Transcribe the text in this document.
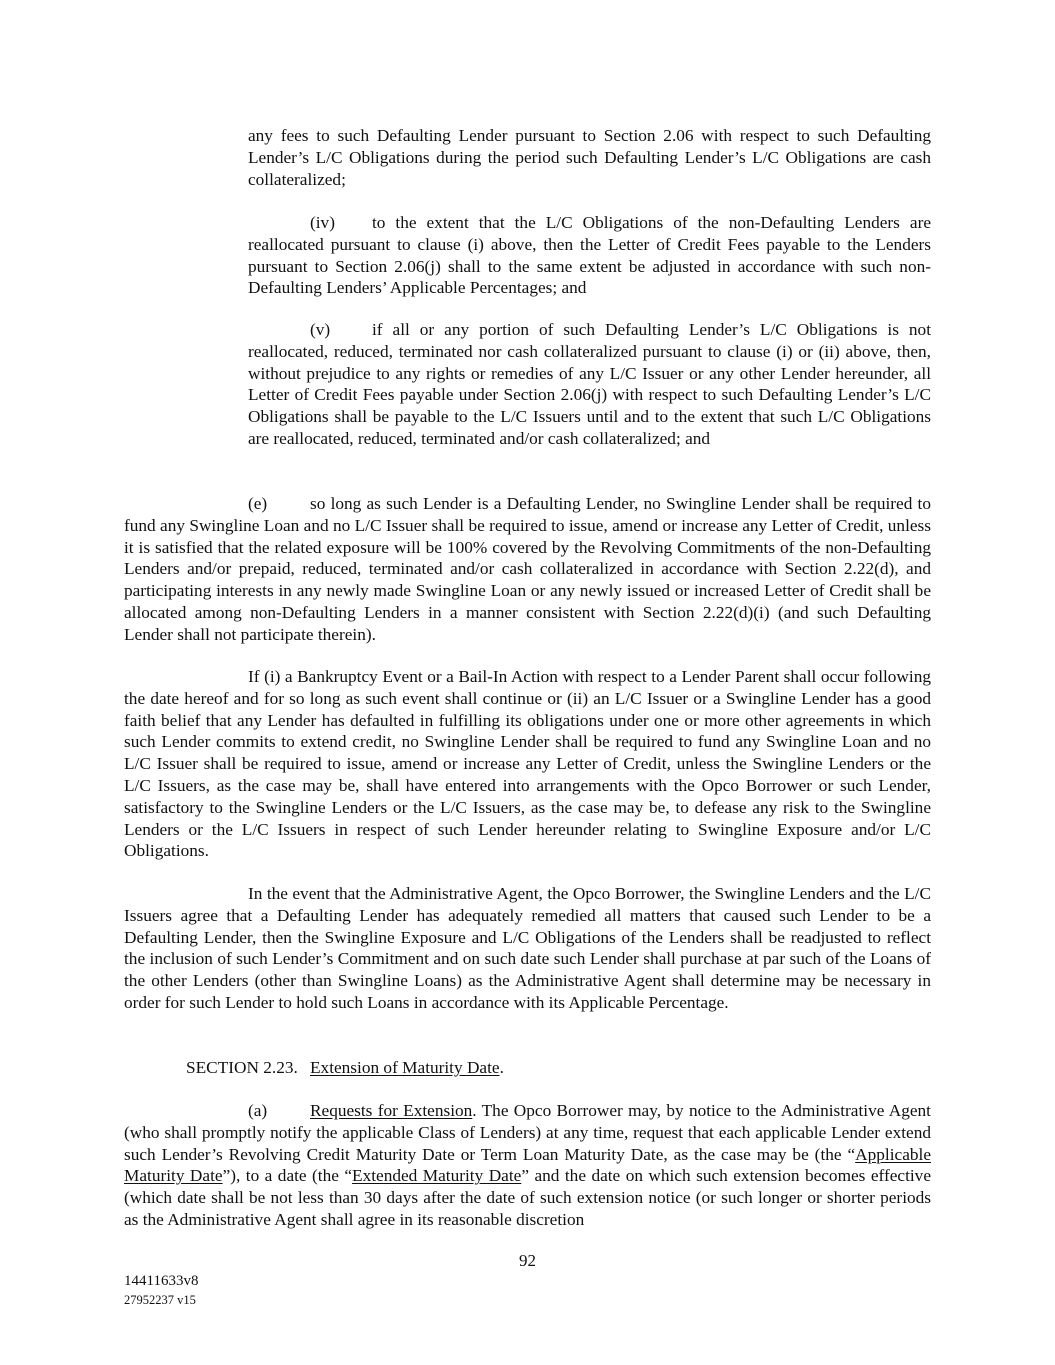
any fees to such Defaulting Lender pursuant to Section 2.06 with respect to such Defaulting Lender’s L/C Obligations during the period such Defaulting Lender’s L/C Obligations are cash collateralized;

(iv) to the extent that the L/C Obligations of the non-Defaulting Lenders are reallocated pursuant to clause (i) above, then the Letter of Credit Fees payable to the Lenders pursuant to Section 2.06(j) shall to the same extent be adjusted in accordance with such non-Defaulting Lenders’ Applicable Percentages; and

(v) if all or any portion of such Defaulting Lender’s L/C Obligations is not reallocated, reduced, terminated nor cash collateralized pursuant to clause (i) or (ii) above, then, without prejudice to any rights or remedies of any L/C Issuer or any other Lender hereunder, all Letter of Credit Fees payable under Section 2.06(j) with respect to such Defaulting Lender’s L/C Obligations shall be payable to the L/C Issuers until and to the extent that such L/C Obligations are reallocated, reduced, terminated and/or cash collateralized; and

(e) so long as such Lender is a Defaulting Lender, no Swingline Lender shall be required to fund any Swingline Loan and no L/C Issuer shall be required to issue, amend or increase any Letter of Credit, unless it is satisfied that the related exposure will be 100% covered by the Revolving Commitments of the non-Defaulting Lenders and/or prepaid, reduced, terminated and/or cash collateralized in accordance with Section 2.22(d), and participating interests in any newly made Swingline Loan or any newly issued or increased Letter of Credit shall be allocated among non-Defaulting Lenders in a manner consistent with Section 2.22(d)(i) (and such Defaulting Lender shall not participate therein).

If (i) a Bankruptcy Event or a Bail-In Action with respect to a Lender Parent shall occur following the date hereof and for so long as such event shall continue or (ii) an L/C Issuer or a Swingline Lender has a good faith belief that any Lender has defaulted in fulfilling its obligations under one or more other agreements in which such Lender commits to extend credit, no Swingline Lender shall be required to fund any Swingline Loan and no L/C Issuer shall be required to issue, amend or increase any Letter of Credit, unless the Swingline Lenders or the L/C Issuers, as the case may be, shall have entered into arrangements with the Opco Borrower or such Lender, satisfactory to the Swingline Lenders or the L/C Issuers, as the case may be, to defease any risk to the Swingline Lenders or the L/C Issuers in respect of such Lender hereunder relating to Swingline Exposure and/or L/C Obligations.

In the event that the Administrative Agent, the Opco Borrower, the Swingline Lenders and the L/C Issuers agree that a Defaulting Lender has adequately remedied all matters that caused such Lender to be a Defaulting Lender, then the Swingline Exposure and L/C Obligations of the Lenders shall be readjusted to reflect the inclusion of such Lender’s Commitment and on such date such Lender shall purchase at par such of the Loans of the other Lenders (other than Swingline Loans) as the Administrative Agent shall determine may be necessary in order for such Lender to hold such Loans in accordance with its Applicable Percentage.

SECTION 2.23. Extension of Maturity Date.

(a) Requests for Extension. The Opco Borrower may, by notice to the Administrative Agent (who shall promptly notify the applicable Class of Lenders) at any time, request that each applicable Lender extend such Lender’s Revolving Credit Maturity Date or Term Loan Maturity Date, as the case may be (the “Applicable Maturity Date”), to a date (the “Extended Maturity Date” and the date on which such extension becomes effective (which date shall be not less than 30 days after the date of such extension notice (or such longer or shorter periods as the Administrative Agent shall agree in its reasonable discretion

92

14411633v8

27952237 v15
